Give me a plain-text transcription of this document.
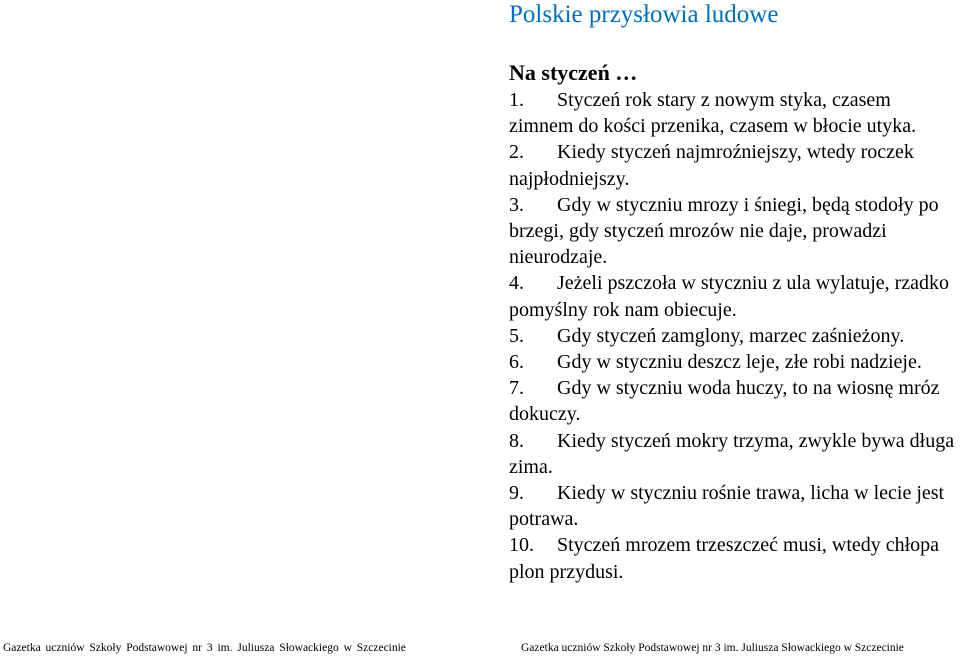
Polskie przysłowia ludowe
Na styczeń …
1. Styczeń rok stary z nowym styka, czasem zimnem do kości przenika, czasem w błocie utyka.
2. Kiedy styczeń najmroźniejszy, wtedy roczek najpłodniejszy.
3. Gdy w styczniu mrozy i śniegi, będą stodoły po brzegi, gdy styczeń mrozów nie daje, prowadzi nieurodzaje.
4. Jeżeli pszczoła w styczniu z ula wylatuje, rzadko pomyślny rok nam obiecuje.
5. Gdy styczeń zamglony, marzec zaśnieżony.
6. Gdy w styczniu deszcz leje, złe robi nadzieje.
7. Gdy w styczniu woda huczy, to na wiosnę mróz dokuczy.
8. Kiedy styczeń mokry trzyma, zwykle bywa długa zima.
9. Kiedy w styczniu rośnie trawa, licha w lecie jest potrawa.
10. Styczeń mrozem trzeszczeć musi, wtedy chłopa plon przydusi.
Gazetka uczniów Szkoły Podstawowej nr 3 im. Juliusza Słowackiego w Szczecinie	Gazetka uczniów Szkoły Podstawowej nr 3 im. Juliusza Słowackiego w Szczecinie
